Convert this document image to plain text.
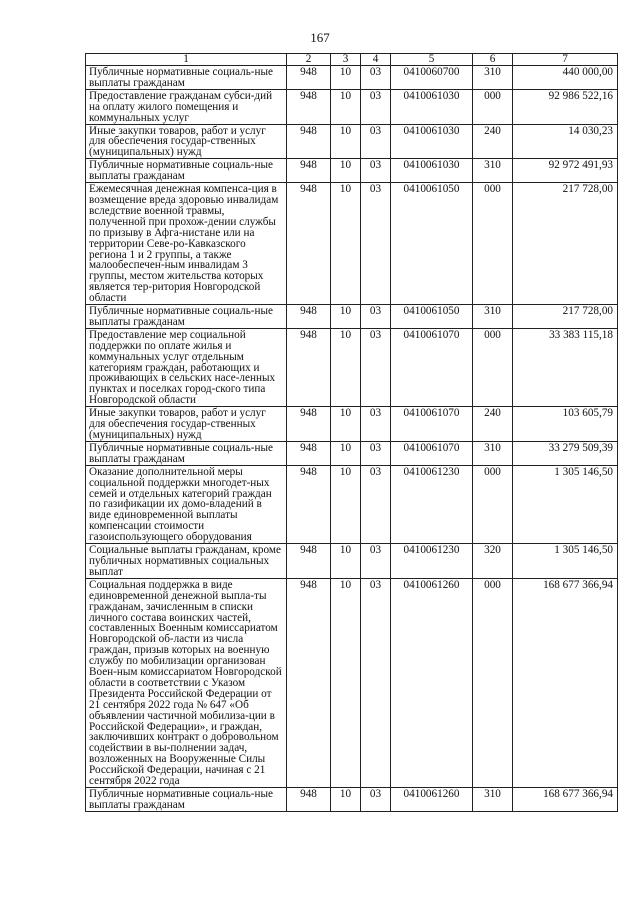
167
1	2	3	4	5	6	7
Публичные нормативные социаль-ные выплаты гражданам	948	10	03	0410060700	310	440 000,00
Предоставление гражданам субси-дий на оплату жилого помещения и коммунальных услуг	948	10	03	0410061030	000	92 986 522,16
Иные закупки товаров, работ и услуг для обеспечения государ-ственных (муниципальных) нужд	948	10	03	0410061030	240	14 030,23
Публичные нормативные социаль-ные выплаты гражданам	948	10	03	0410061030	310	92 972 491,93
Ежемесячная денежная компенса-ция в возмещение вреда здоровью инвалидам вследствие военной травмы, полученной при прохож-дении службы по призыву в Афга-нистане или на территории Севе-ро-Кавказского региона 1 и 2 группы, а также малообеспечен-ным инвалидам 3 группы, местом жительства которых является тер-ритория Новгородской области	948	10	03	0410061050	000	217 728,00
Публичные нормативные социаль-ные выплаты гражданам	948	10	03	0410061050	310	217 728,00
Предоставление мер социальной поддержки по оплате жилья и коммунальных услуг отдельным категориям граждан, работающих и проживающих в сельских насе-ленных пунктах и поселках город-ского типа Новгородской области	948	10	03	0410061070	000	33 383 115,18
Иные закупки товаров, работ и услуг для обеспечения государ-ственных (муниципальных) нужд	948	10	03	0410061070	240	103 605,79
Публичные нормативные социаль-ные выплаты гражданам	948	10	03	0410061070	310	33 279 509,39
Оказание дополнительной меры социальной поддержки многодет-ных семей и отдельных категорий граждан по газификации их домо-владений в виде единовременной выплаты компенсации стоимости газоиспользующего оборудования	948	10	03	0410061230	000	1 305 146,50
Социальные выплаты гражданам, кроме публичных нормативных социальных выплат	948	10	03	0410061230	320	1 305 146,50
Социальная поддержка в виде единовременной денежной выпла-ты гражданам, зачисленным в списки личного состава воинских частей, составленных Военным комиссариатом Новгородской об-ласти из числа граждан, призыв которых на военную службу по мобилизации организован Воен-ным комиссариатом Новгородской области в соответствии с Указом Президента Российской Федерации от 21 сентября 2022 года № 647 «Об объявлении частичной мобилиза-ции в Российской Федерации», и граждан, заключивших контракт о добровольном содействии в вы-полнении задач, возложенных на Вооруженные Силы Российской Федерации, начиная с 21 сентября 2022 года	948	10	03	0410061260	000	168 677 366,94
Публичные нормативные социаль-ные выплаты гражданам	948	10	03	0410061260	310	168 677 366,94
